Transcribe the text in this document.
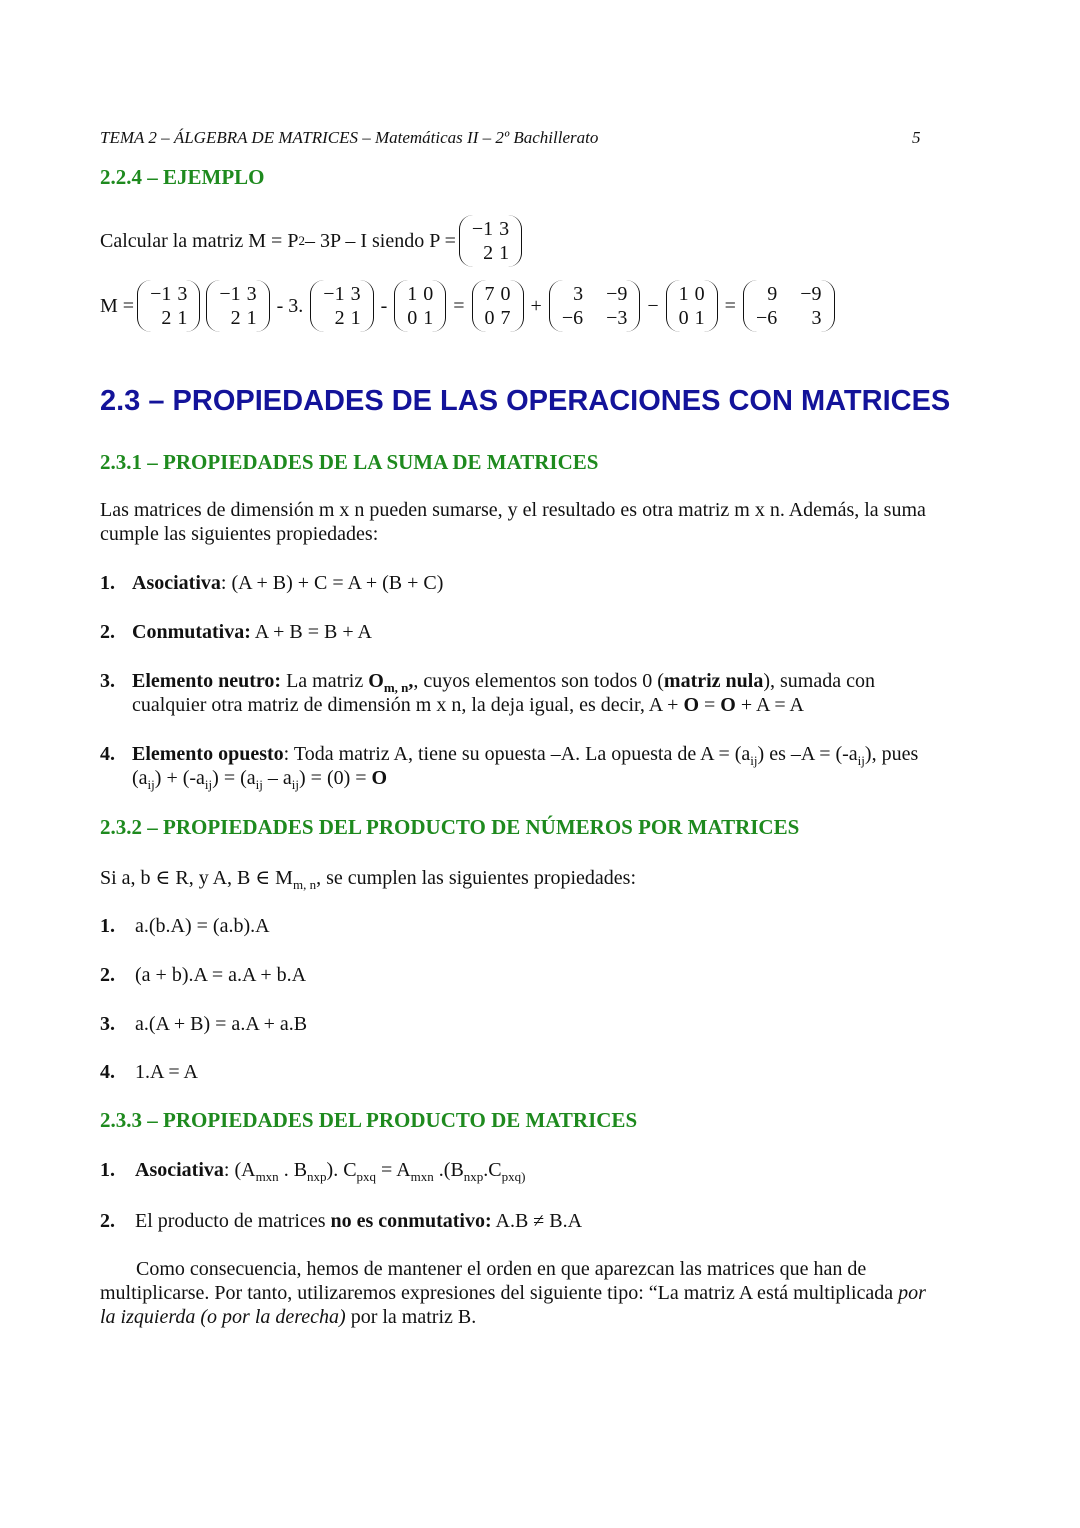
TEMA 2 – ÁLGEBRA DE MATRICES – Matemáticas II – 2º Bachillerato	5
2.2.4 – EJEMPLO
Calcular la matriz M = P 2 – 3P – I siendo P =
−1 3
2 1
M =
−1 3
2 1
−1 3
2 1
- 3.
−1 3
2 1
-
1 0
0 1
=
7 0
0 7
+
3	−9
−6	−3
−
1 0
0 1
=
9	−9
−6	3
2.3 – PROPIEDADES DE LAS OPERACIONES CON MATRICES
2.3.1 – PROPIEDADES DE LA SUMA DE MATRICES
Las matrices de dimensión m x n pueden sumarse, y el resultado es otra matriz m x n. Además, la suma
cumple las siguientes propiedades:
1. Asociativa: (A + B) + C = A + (B + C)
2. Conmutativa: A + B = B + A
3. Elemento neutro: La matriz $O_{m, n}$,, cuyos elementos son todos 0 (matriz nula), sumada con
cualquier otra matriz de dimensión m x n, la deja igual, es decir, A + O = O + A = A
4. Elemento opuesto: Toda matriz A, tiene su opuesta –A. La opuesta de $A = (a_{ij})$ es $-A = (-a_{ij})$, pues
$(a_{ij}) + (-a_{ij}) = (a_{ij} - a_{ij}) = (0) = O$
2.3.2 – PROPIEDADES DEL PRODUCTO DE NÚMEROS POR MATRICES
Si a, b ∈ R, y A, B ∈ $M_{m, n}$, se cumplen las siguientes propiedades:
1. a.(b.A) = (a.b).A
2. (a + b).A = a.A + b.A
3. a.(A + B) = a.A + a.B
4. 1.A = A
2.3.3 – PROPIEDADES DEL PRODUCTO DE MATRICES
1. Asociativa: ($A_{mxn}$ . $B_{nxp}$). $C_{pxq} = A_{mxn}$ $.(B_{nxp}.C_{pxq)}$
2. El producto de matrices no es conmutativo: A.B ≠ B.A
Como consecuencia, hemos de mantener el orden en que aparezcan las matrices que han de
multiplicarse. Por tanto, utilizaremos expresiones del siguiente tipo: “La matriz A está multiplicada por
la izquierda (o por la derecha) por la matriz B.
